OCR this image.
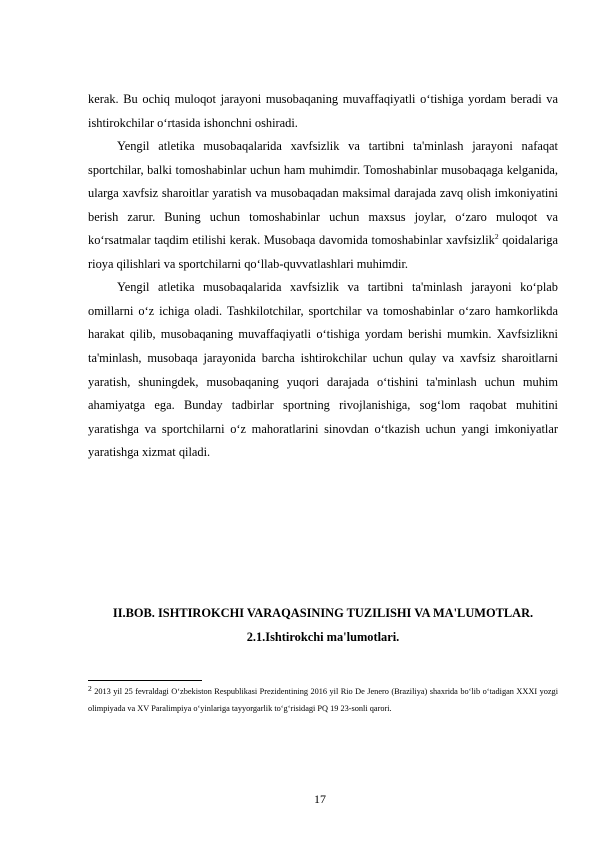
kerak. Bu ochiq muloqot jarayoni musobaqaning muvaffaqiyatli o‘tishiga yordam beradi va ishtirokchilar o‘rtasida ishonchni oshiradi.

Yengil atletika musobaqalarida xavfsizlik va tartibni ta'minlash jarayoni nafaqat sportchilar, balki tomoshabinlar uchun ham muhimdir. Tomoshabinlar musobaqaga kelganida, ularga xavfsiz sharoitlar yaratish va musobaqadan maksimal darajada zavq olish imkoniyatini berish zarur. Buning uchun tomoshabinlar uchun maxsus joylar, o‘zaro muloqot va ko‘rsatmalar taqdim etilishi kerak. Musobaqa davomida tomoshabinlar xavfsizlik$^2$ qoidalariga rioya qilishlari va sportchilarni qo‘llab-quvvatlashlari muhimdir.

Yengil atletika musobaqalarida xavfsizlik va tartibni ta'minlash jarayoni ko‘plab omillarni o‘z ichiga oladi. Tashkilotchilar, sportchilar va tomoshabinlar o‘zaro hamkorlikda harakat qilib, musobaqaning muvaffaqiyatli o‘tishiga yordam berishi mumkin. Xavfsizlikni ta'minlash, musobaqa jarayonida barcha ishtirokchilar uchun qulay va xavfsiz sharoitlarni yaratish, shuningdek, musobaqaning yuqori darajada o‘tishini ta'minlash uchun muhim ahamiyatga ega. Bunday tadbirlar sportning rivojlanishiga, sog‘lom raqobat muhitini yaratishga va sportchilarni o‘z mahoratlarini sinovdan o‘tkazish uchun yangi imkoniyatlar yaratishga xizmat qiladi.

II.BOB. ISHTIROKCHI VARAQASINING TUZILISHI VA MA'LUMOTLAR.

2.1.Ishtirokchi ma'lumotlari.

$^2$ 2013 yil 25 fevraldagi O‘zbekiston Respublikasi Prezidentining 2016 yil Rio De Jenero (Braziliya) shaxrida bo‘lib o‘tadigan XXXI yozgi olimpiyada va XV Paralimpiya o‘yinlariga tayyorgarlik to‘g‘risidagi PQ 19 23-sonli qarori.

17
